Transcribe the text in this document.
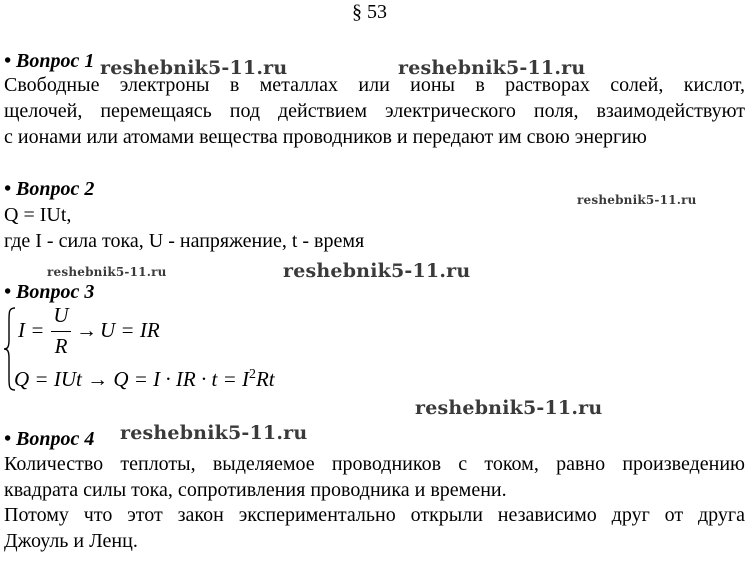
§ 53
• Вопрос 1
Свободные электроны в металлах или ионы в растворах солей, кислот,
щелочей, перемещаясь под действием электрического поля, взаимодействуют
с ионами или атомами вещества проводников и передают им свою энергию
• Вопрос 2
Q = IUt,
где I - сила тока, U - напряжение, t - время
• Вопрос 3
I =
U
R
→ U = IR
Q = IUt → Q = I · IR · $t = I^2Rt$
• Вопрос 4
Количество теплоты, выделяемое проводников с током, равно произведению
квадрата силы тока, сопротивления проводника и времени.
Потому что этот закон экспериментально открыли независимо друг от друга
Джоуль и Ленц.
reshebnik5-11.ru	reshebnik5-11.ru
reshebnik5-11.ru
reshebnik5-11.ru	reshebnik5-11.ru
reshebnik5-11.ru
reshebnik5-11.ru
